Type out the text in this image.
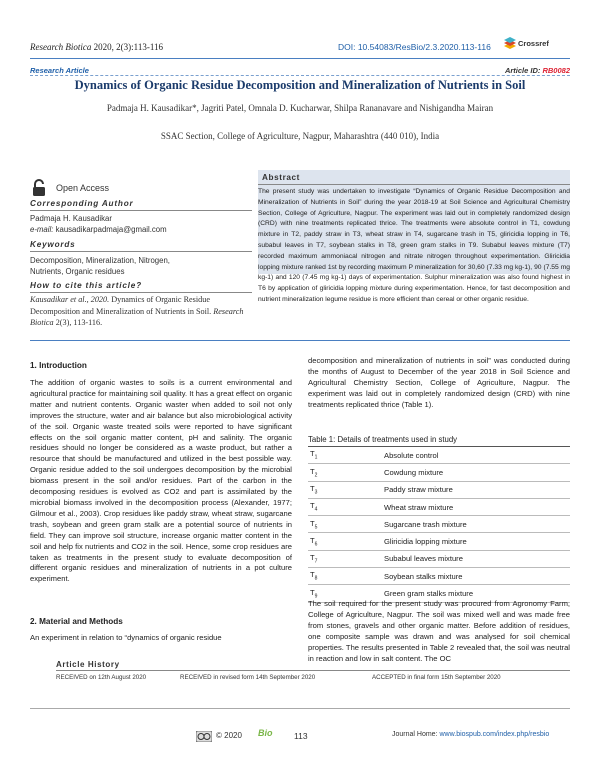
Research Biotica 2020, 2(3):113-116	DOI: 10.54083/ResBio/2.3.2020.113-116	Crossref
Research Article	Article ID: RB0082
Dynamics of Organic Residue Decomposition and Mineralization of Nutrients in Soil
Padmaja H. Kausadikar*, Jagriti Patel, Omnala D. Kucharwar, Shilpa Rananavare and Nishigandha Mairan
SSAC Section, College of Agriculture, Nagpur, Maharashtra (440 010), India
Open Access
Corresponding Author
Padmaja H. Kausadikar
e-mail: kausadikarpadmaja@gmail.com
Keywords
Decomposition, Mineralization, Nitrogen,
Nutrients, Organic residues
How to cite this article?
Kausadikar et al., 2020. Dynamics of Organic Residue Decomposition and Mineralization of Nutrients in Soil. Research Biotica 2(3), 113-116.
Abstract
The present study was undertaken to investigate “Dynamics of Organic Residue Decomposition and Mineralization of Nutrients in Soil” during the year 2018-19 at Soil Science and Agricultural Chemistry Section, College of Agriculture, Nagpur. The experiment was laid out in completely randomized design (CRD) with nine treatments replicated thrice. The treatments were absolute control in T1, cowdung mixture in T2, paddy straw in T3, wheat straw in T4, sugarcane trash in T5, gliricidia lopping in T6, subabul leaves in T7, soybean stalks in T8, green gram stalks in T9. Subabul leaves mixture (T7) recorded maximum ammoniacal nitrogen and nitrate nitrogen throughout experimentation. Gliricidia lopping mixture ranked 1st by recording maximum P mineralization for 30,60 (7.33 mg kg-1), 90 (7.55 mg kg-1) and 120 (7.45 mg kg-1) days of experimentation. Sulphur mineralization was also found highest in T6 by application of gliricidia lopping mixture during experimentation. Hence, for fast decomposition and nutrient mineralization legume residue is more efficient than cereal or other organic residue.
1. Introduction
The addition of organic wastes to soils is a current environmental and agricultural practice for maintaining soil quality. It has a great effect on organic matter and nutrient contents. Organic waster when added to soil not only improves the structure, water and air balance but also microbiological activity of the soil. Organic waste treated soils were reported to have significant effects on the soil organic matter content, pH and salinity. The organic residues should no longer be considered as a waste product, but rather a resource that should be manufactured and utilized in the best possible way. Organic residue added to the soil undergoes decomposition by the microbial biomass present in the soil and/or residues. Part of the carbon in the decomposing residues is evolved as CO2 and part is assimilated by the microbial biomass involved in the decomposition process (Alexander, 1977; Gilmour et al., 2003). Crop residues like paddy straw, wheat straw, sugarcane trash, soybean and green gram stalk are a potential source of nutrients in field. They can improve soil structure, increase organic matter content in the soil and help fix nutrients and CO2 in the soil. Hence, some crop residues are taken as treatments in the present study to evaluate decomposition of different organic residues and mineralization of nutrients in a pot culture experiment.
2. Material and Methods
An experiment in relation to “dynamics of organic residue
decomposition and mineralization of nutrients in soil” was conducted during the months of August to December of the year 2018 in Soil Science and Agricultural Chemistry Section, College of Agriculture, Nagpur. The experiment was laid out in completely randomized design (CRD) with nine treatments replicated thrice (Table 1).
Table 1: Details of treatments used in study
$T_1$	Absolute control
$T_2$	Cowdung mixture
$T_3$	Paddy straw mixture
$T_4$	Wheat straw mixture
$T_5$	Sugarcane trash mixture
$T_6$	Gliricidia lopping mixture
$T_7$	Subabul leaves mixture
$T_8$	Soybean stalks mixture
$T_9$	Green gram stalks mixture
The soil required for the present study was procured from Agronomy Farm, College of Agriculture, Nagpur. The soil was mixed well and was made free from stones, gravels and other organic matter. Before addition of residues, one composite sample was drawn and was analysed for soil chemical properties. The results presented in Table 2 revealed that, the soil was neutral in reaction and low in salt content. The OC
Article History
RECEIVED on 12th August 2020	RECEIVED in revised form 14th September 2020	ACCEPTED in final form 15th September 2020
© 2020 Bio	113	Journal Home: www.biospub.com/index.php/resbio
